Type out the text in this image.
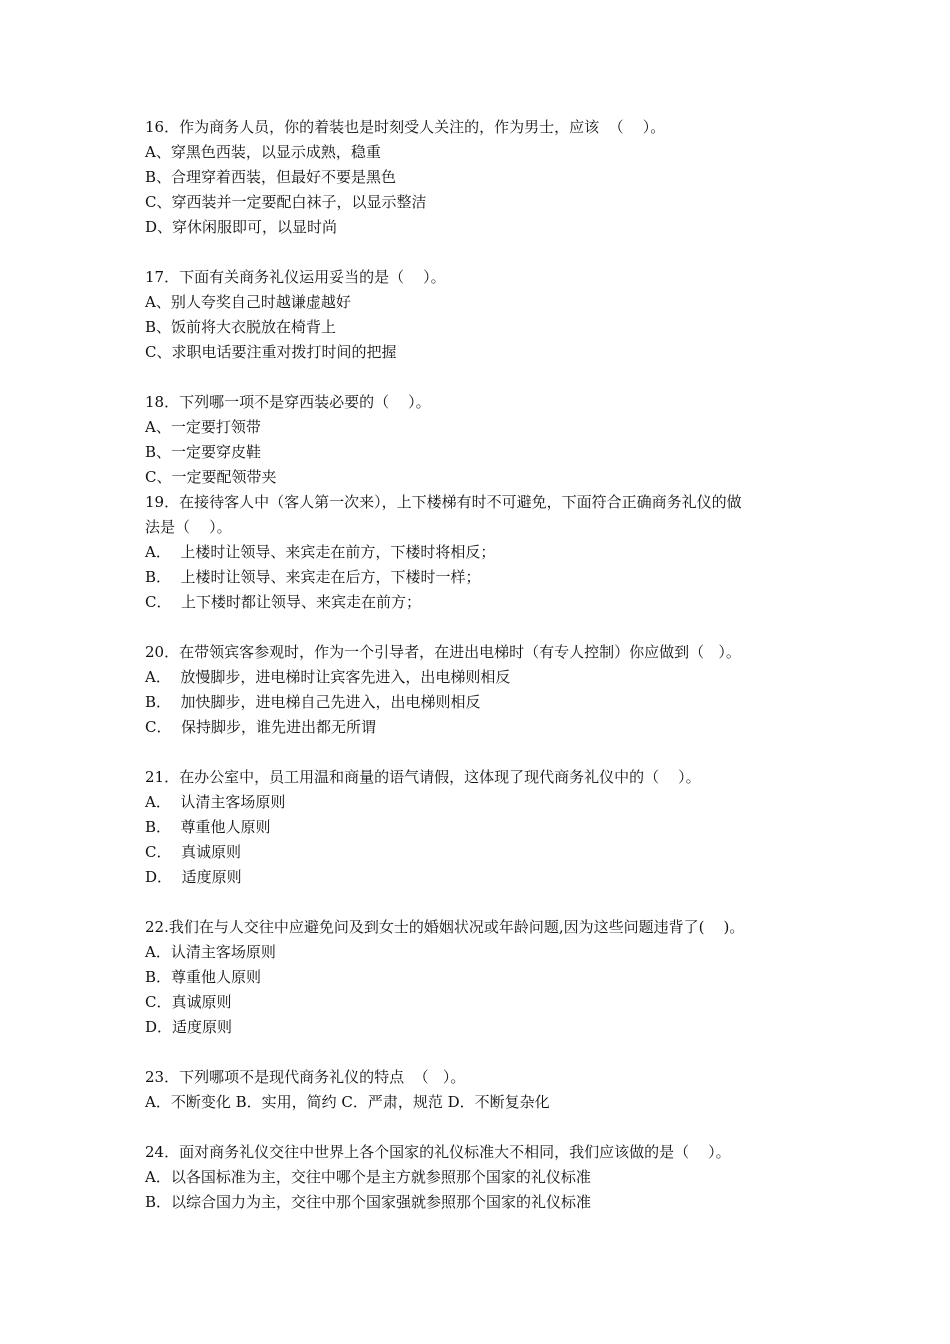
16．作为商务人员，你的着装也是时刻受人关注的，作为男士，应该  （    ）。
A、穿黑色西装，以显示成熟，稳重
B、合理穿着西装，但最好不要是黑色
C、穿西装并一定要配白袜子，以显示整洁
D、穿休闲服即可，以显时尚
17．下面有关商务礼仪运用妥当的是（    ）。
A、别人夸奖自己时越谦虚越好
B、饭前将大衣脱放在椅背上
C、求职电话要注重对拨打时间的把握
18．下列哪一项不是穿西装必要的（    ）。
A、一定要打领带
B、一定要穿皮鞋
C、一定要配领带夹
19．在接待客人中（客人第一次来），上下楼梯有时不可避免，下面符合正确商务礼仪的做
法是（    ）。
A．  上楼时让领导、来宾走在前方，下楼时将相反；
B．  上楼时让领导、来宾走在后方，下楼时一样；
C．  上下楼时都让领导、来宾走在前方；
20．在带领宾客参观时，作为一个引导者，在进出电梯时（有专人控制）你应做到（   ）。
A．  放慢脚步，进电梯时让宾客先进入，出电梯则相反
B．  加快脚步，进电梯自己先进入，出电梯则相反
C．  保持脚步，谁先进出都无所谓
21．在办公室中，员工用温和商量的语气请假，这体现了现代商务礼仪中的（    ）。
A．  认清主客场原则
B．  尊重他人原则
C．  真诚原则
D．  适度原则
22.我们在与人交往中应避免问及到女士的婚姻状况或年龄问题,因为这些问题违背了(    )。
A．认清主客场原则
B．尊重他人原则
C．真诚原则
D．适度原则
23．下列哪项不是现代商务礼仪的特点  （   ）。
A．不断变化 B．实用，简约 C．严肃，规范 D．不断复杂化
24．面对商务礼仪交往中世界上各个国家的礼仪标准大不相同，我们应该做的是（    ）。
A．以各国标准为主，交往中哪个是主方就参照那个国家的礼仪标准
B．以综合国力为主，交往中那个国家强就参照那个国家的礼仪标准
